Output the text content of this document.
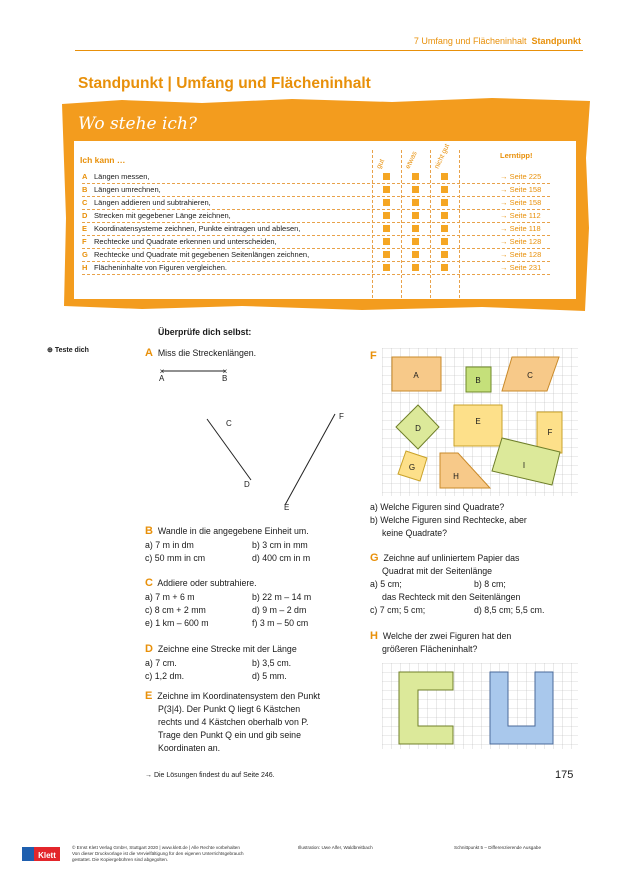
7 Umfang und Flächeninhalt Standpunkt
Standpunkt | Umfang und Flächeninhalt
Wo stehe ich?
Ich kann …	gut	etwas nicht gut	Lerntipp!
A Längen messen,	→ Seite 225
B Längen umrechnen,	→ Seite 158
C Längen addieren und subtrahieren,	→ Seite 158
D Strecken mit gegebener Länge zeichnen,	→ Seite 112
E Koordinatensysteme zeichnen, Punkte eintragen und ablesen,	→ Seite 118
F Rechtecke und Quadrate erkennen und unterscheiden,	→ Seite 128
G Rechtecke und Quadrate mit gegebenen Seitenlängen zeichnen,	→ Seite 128
H Flächeninhalte von Figuren vergleichen.	→ Seite 231
Überprüfe dich selbst:
⊕ Teste dich	A Miss die Streckenlängen.
×	×
A	B
C
D
F
E
B Wandle in die angegebene Einheit um.
a) 7 m in dm	b) 3 cm in mm
c) 50 mm in cm	d) 400 cm in m
C Addiere oder subtrahiere.
a) 7 m + 6 m	b) 22 m – 14 m
c) 8 cm + 2 mm	d) 9 m – 2 dm
e) 1 km – 600 m	f) 3 m – 50 cm
D Zeichne eine Strecke mit der Länge
a) 7 cm.	b) 3,5 cm.
c) 1,2 dm.	d) 5 mm.
E Zeichne im Koordinatensystem den Punkt
P(3|4). Der Punkt Q liegt 6 Kästchen
rechts und 4 Kästchen oberhalb von P.
Trage den Punkt Q ein und gib seine
Koordinaten an.
→ Die Lösungen findest du auf Seite 246.
F
A
B
C
D
E
F
G
H
I
a) Welche Figuren sind Quadrate?
b) Welche Figuren sind Rechtecke, aber
keine Quadrate?
G Zeichne auf unliniertem Papier das
Quadrat mit der Seitenlänge
a) 5 cm;	b) 8 cm;
das Rechteck mit den Seitenlängen
c) 7 cm; 5 cm;	d) 8,5 cm; 5,5 cm.
H Welche der zwei Figuren hat den
größeren Flächeninhalt?
175
Klett
© Ernst Klett Verlag GmbH, Stuttgart 2020 | www.klett.de | Alle Rechte vorbehalten
Von dieser Druckvorlage ist die Vervielfältigung für den eigenen Unterrichtsgebrauch
gestattet. Die Kopiergebühren sind abgegolten.
Illustration: Uwe Alfer, Waldbreitbach	Schnittpunkt 5 – Differenzierende Ausgabe
